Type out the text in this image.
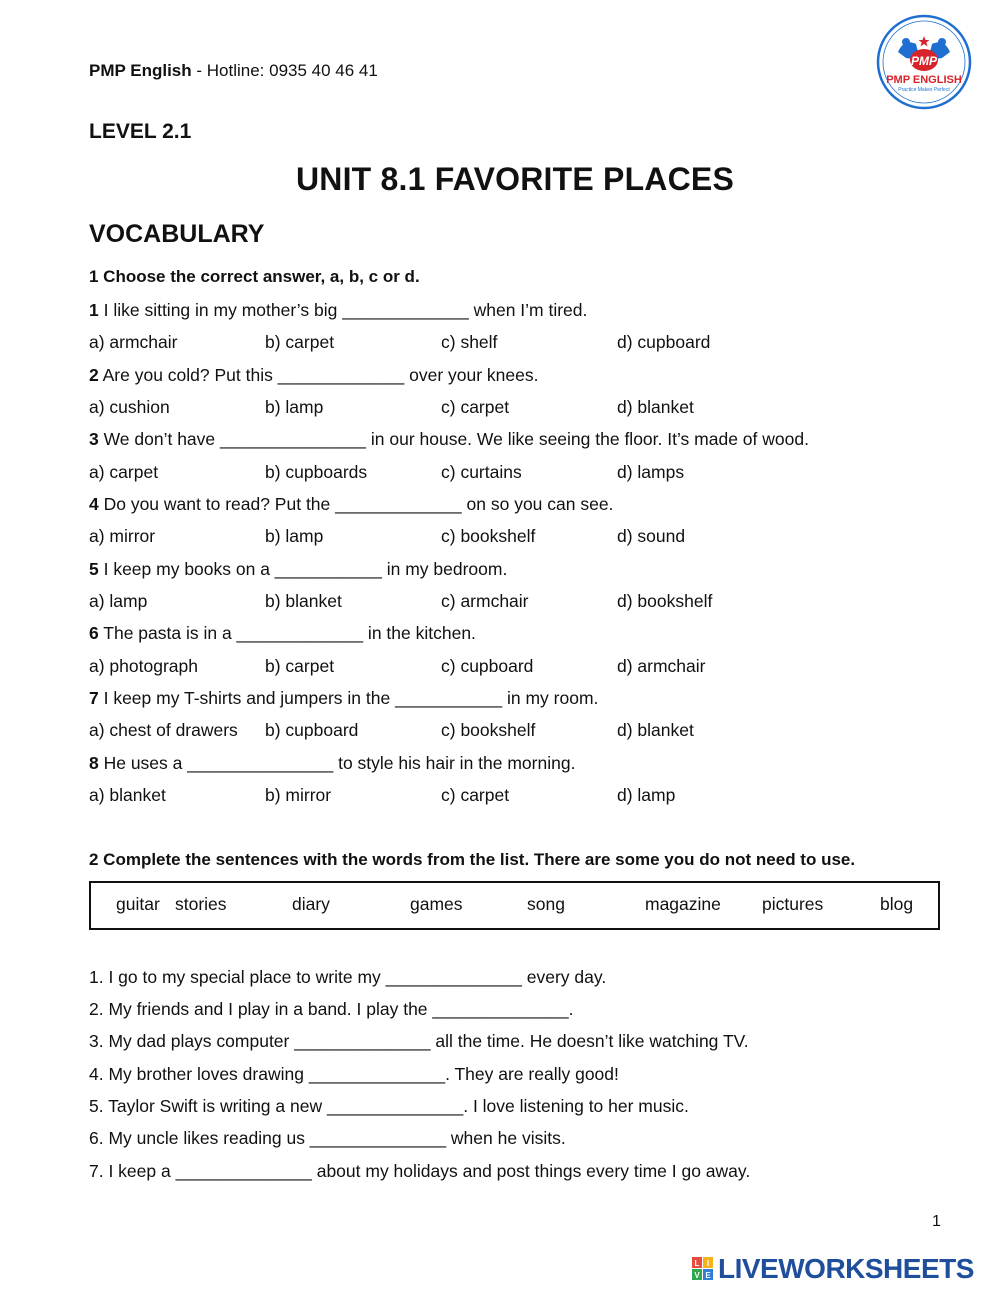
PMP English - Hotline: 0935 40 46 41	PMP
PMP ENGLISH
Practice Makes Perfect
LEVEL 2.1
UNIT 8.1 FAVORITE PLACES
VOCABULARY
1 Choose the correct answer, a, b, c or d.
1 I like sitting in my mother’s big _____________ when I’m tired.
a) armchair	b) carpet	c) shelf	d) cupboard
2 Are you cold? Put this _____________ over your knees.
a) cushion	b) lamp	c) carpet	d) blanket
3 We don’t have _______________ in our house. We like seeing the floor. It’s made of wood.
a) carpet	b) cupboards	c) curtains	d) lamps
4 Do you want to read? Put the _____________ on so you can see.
a) mirror	b) lamp	c) bookshelf	d) sound
5 I keep my books on a ___________ in my bedroom.
a) lamp	b) blanket	c) armchair	d) bookshelf
6 The pasta is in a _____________ in the kitchen.
a) photograph	b) carpet	c) cupboard	d) armchair
7 I keep my T-shirts and jumpers in the ___________ in my room.
a) chest of drawers b) cupboard	c) bookshelf	d) blanket
8 He uses a _______________ to style his hair in the morning.
a) blanket	b) mirror	c) carpet	d) lamp
2 Complete the sentences with the words from the list. There are some you do not need to use.
guitar stories	diary	games	song	magazine pictures	blog
1. I go to my special place to write my ______________ every day.
2. My friends and I play in a band. I play the ______________.
3. My dad plays computer ______________ all the time. He doesn’t like watching TV.
4. My brother loves drawing ______________. They are really good!
5. Taylor Swift is writing a new ______________. I love listening to her music.
6. My uncle likes reading us ______________ when he visits.
7. I keep a ______________ about my holidays and post things every time I go away.
1
L I
V E LIVEWORKSHEETS
